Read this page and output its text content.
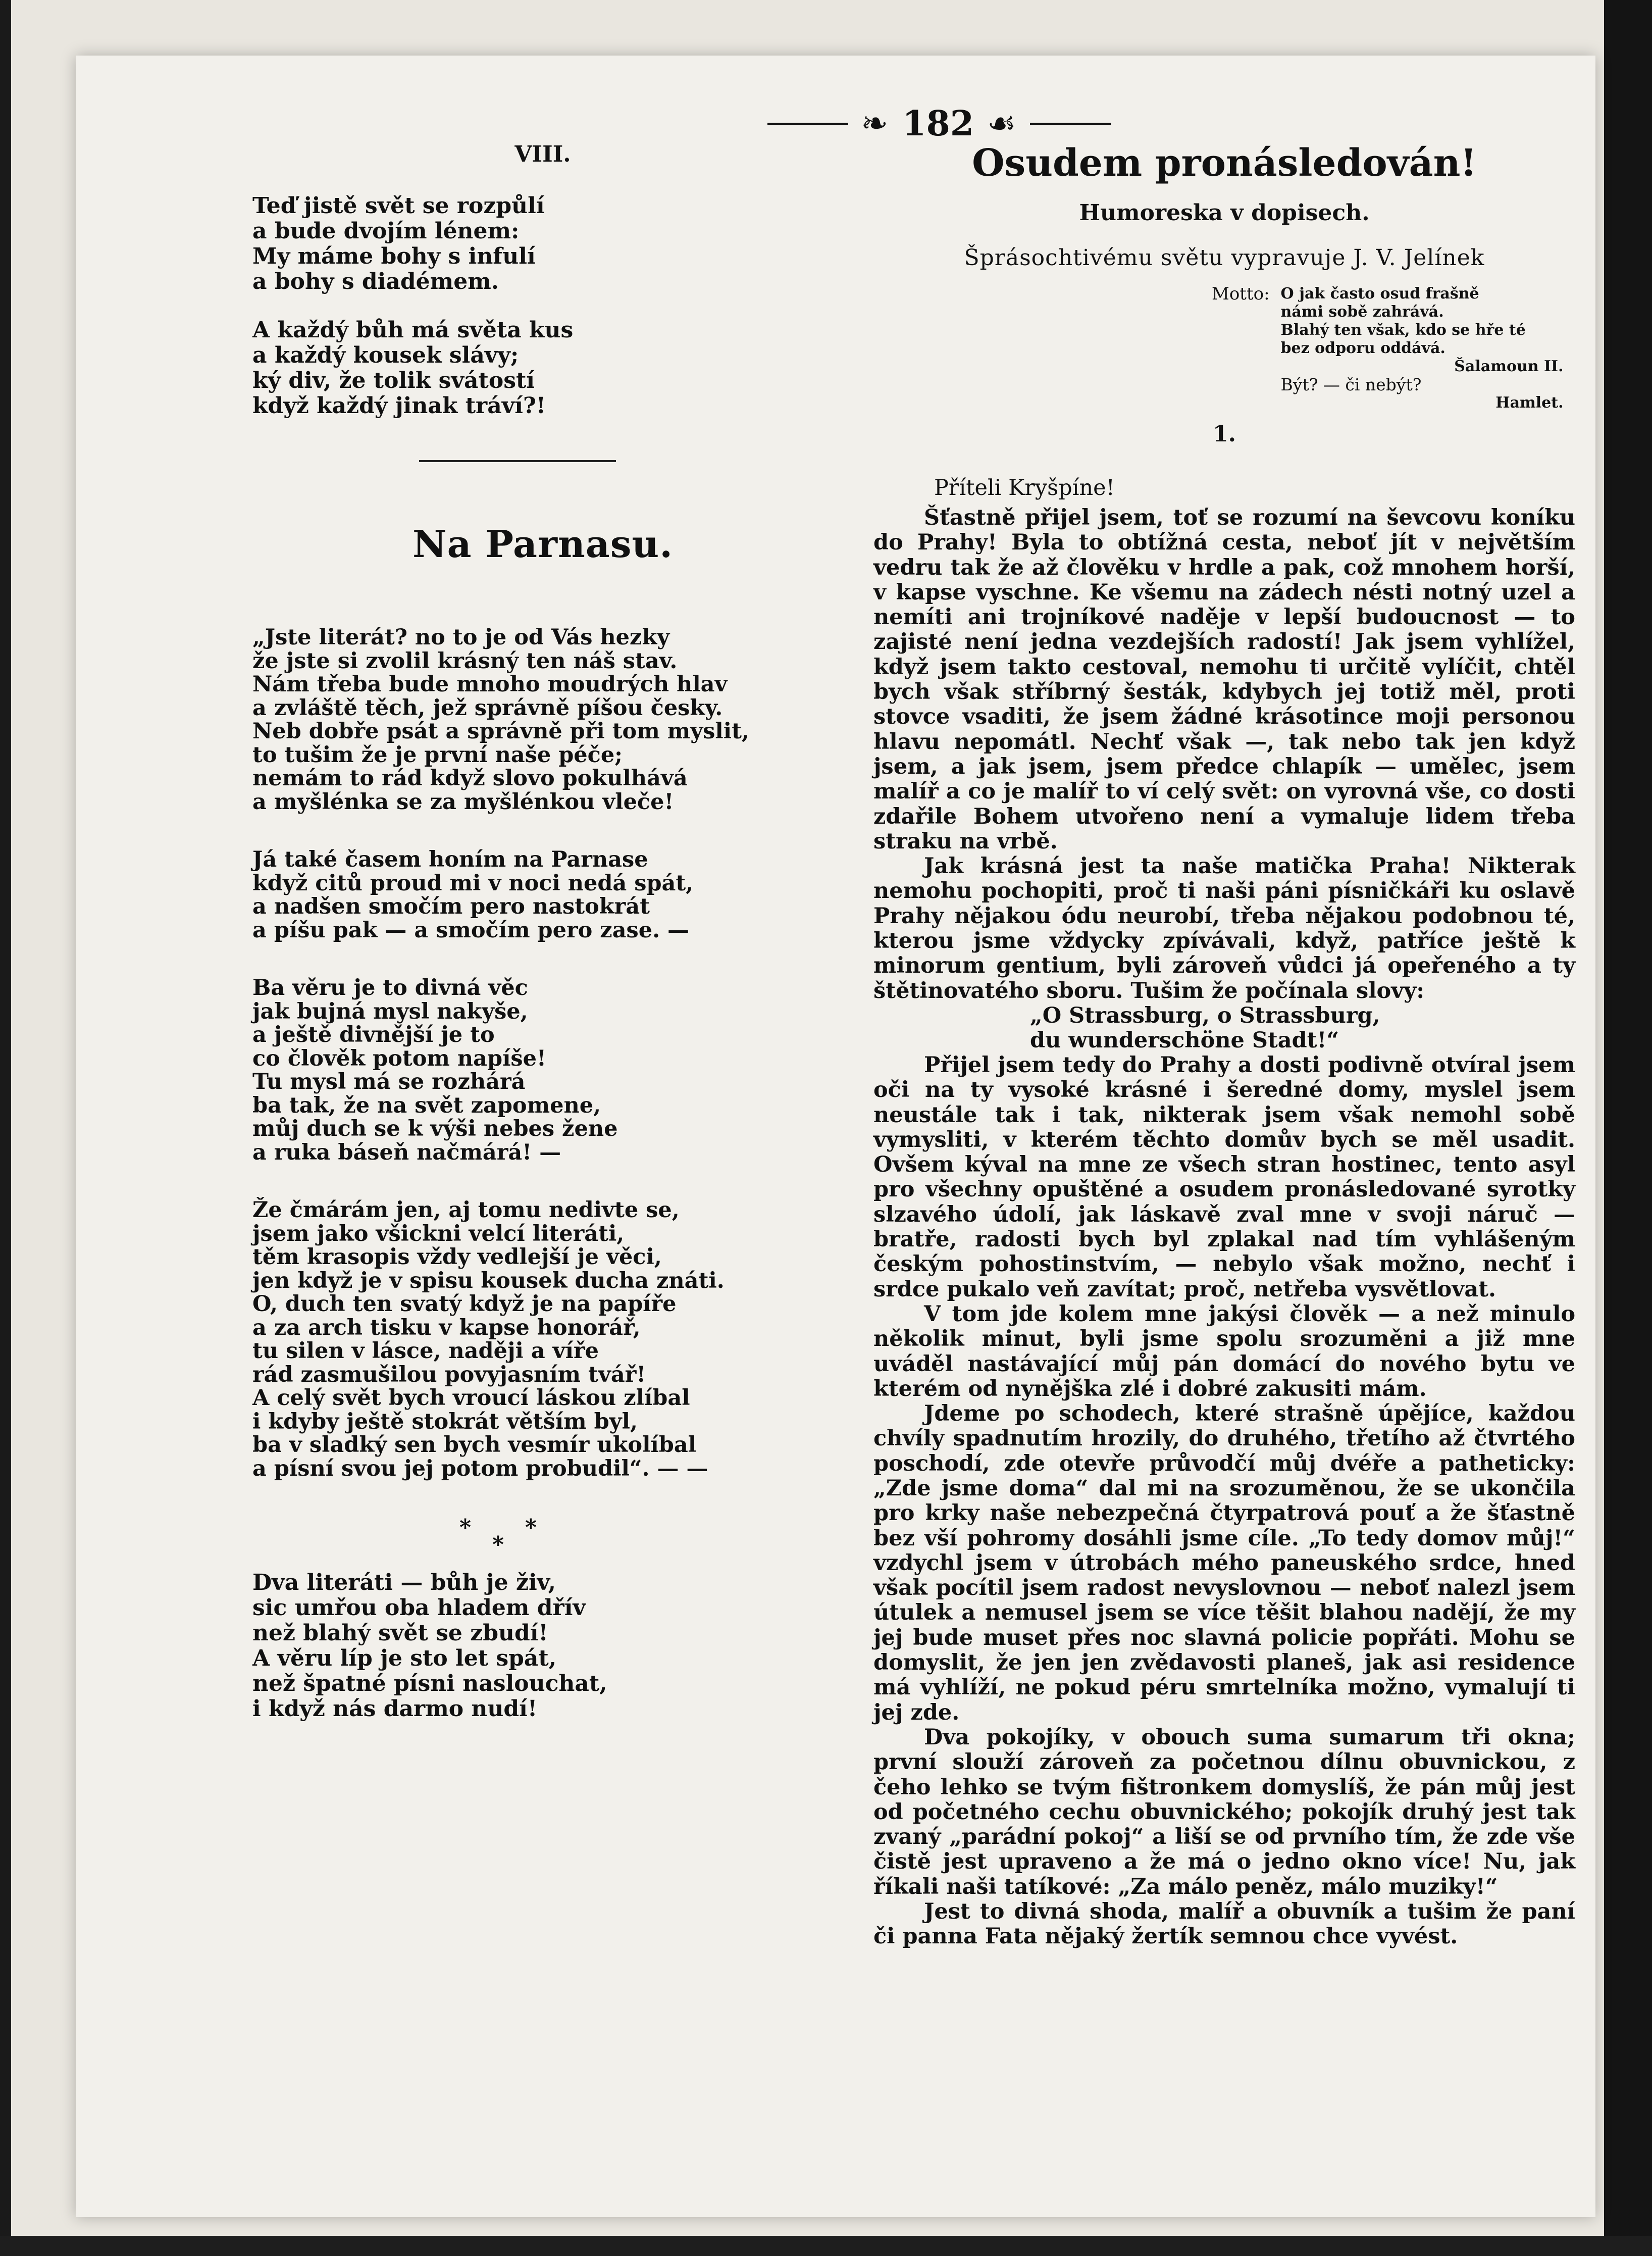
❧ 182 ☙
VIII.
Teď jistě svět se rozpůlí
a bude dvojím lénem:
My máme bohy s infulí
a bohy s diadémem.
A každý bůh má světa kus
a každý kousek slávy;
ký div, že tolik svátostí
když každý jinak tráví?!
Na Parnasu.
„Jste literát? no to je od Vás hezky
že jste si zvolil krásný ten náš stav.
Nám třeba bude mnoho moudrých hlav
a zvláště těch, jež správně píšou česky.
Neb dobře psát a správně při tom myslit,
to tušim že je první naše péče;
nemám to rád když slovo pokulhává
a myšlénka se za myšlénkou vleče!
Já také časem honím na Parnase
když citů proud mi v noci nedá spát,
a nadšen smočím pero nastokrát
a píšu pak — a smočím pero zase. —
Ba věru je to divná věc
jak bujná mysl nakyše,
a ještě divnější je to
co člověk potom napíše!
Tu mysl má se rozhárá
ba tak, že na svět zapomene,
můj duch se k výši nebes žene
a ruka báseň načmárá! —
Že čmárám jen, aj tomu nedivte se,
jsem jako všickni velcí literáti,
těm krasopis vždy vedlejší je věci,
jen když je v spisu kousek ducha znáti.
O, duch ten svatý když je na papíře
a za arch tisku v kapse honorář,
tu silen v lásce, naději a víře
rád zasmušilou povyjasním tvář!
A celý svět bych vroucí láskou zlíbal
i kdyby ještě stokrát větším byl,
ba v sladký sen bych vesmír ukolíbal
a písní svou jej potom probudil“. — —
* *
*
Dva literáti — bůh je živ,
sic umřou oba hladem dřív
než blahý svět se zbudí!
A věru líp je sto let spát,
než špatné písni naslouchat,
i když nás darmo nudí!
Osudem pronásledován!
Humoreska v dopisech.
Šprásochtivému světu vypravuje J. V. Jelínek
Motto: O jak často osud frašně
námi sobě zahrává.
Blahý ten však, kdo se hře té
bez odporu oddává.
Šalamoun II.
Být? — či nebýt?
Hamlet.
1.
Příteli Kryšpíne!

Šťastně přijel jsem, toť se rozumí na ševcovu koníku do Prahy! Byla to obtížná cesta, neboť jít v největším vedru tak že až člověku v hrdle a pak, což mnohem horší, v kapse vyschne. Ke všemu na zádech nésti notný uzel a nemíti ani trojníkové naděje v lepší budoucnost — to zajisté není jedna vezdejších radostí! Jak jsem vyhlížel, když jsem takto cestoval, nemohu ti určitě vylíčit, chtěl bych však stříbrný šesták, kdybych jej totiž měl, proti stovce vsaditi, že jsem žádné krásotince moji personou hlavu nepomátl. Nechť však —, tak nebo tak jen když jsem, a jak jsem, jsem předce chlapík — umělec, jsem malíř a co je malíř to ví celý svět: on vyrovná vše, co dosti zdařile Bohem utvořeno není a vymaluje lidem třeba straku na vrbě.

Jak krásná jest ta naše matička Praha! Nikterak nemohu pochopiti, proč ti naši páni písničkáři ku oslavě Prahy nějakou ódu neurobí, třeba nějakou podobnou té, kterou jsme vždycky zpívávali, když, patříce ještě k minorum gentium, byli zároveň vůdci já opeřeného a ty štětinovatého sboru. Tušim že počínala slovy:

„O Strassburg, o Strassburg,
du wunderschöne Stadt!“

Přijel jsem tedy do Prahy a dosti podivně otvíral jsem oči na ty vysoké krásné i šeredné domy, myslel jsem neustále tak i tak, nikterak jsem však nemohl sobě vymysliti, v kterém těchto domův bych se měl usadit. Ovšem kýval na mne ze všech stran hostinec, tento asyl pro všechny opuštěné a osudem pronásledované syrotky slzavého údolí, jak láskavě zval mne v svoji náruč — bratře, radosti bych byl zplakal nad tím vyhlášeným českým pohostinstvím, — nebylo však možno, nechť i srdce pukalo veň zavítat; proč, netřeba vysvětlovat.

V tom jde kolem mne jakýsi člověk — a než minulo několik minut, byli jsme spolu srozuměni a již mne uváděl nastávající můj pán domácí do nového bytu ve kterém od nynějška zlé i dobré zakusiti mám.

Jdeme po schodech, které strašně úpějíce, každou chvíly spadnutím hrozily, do druhého, třetího až čtvrtého poschodí, zde otevře průvodčí můj dvéře a patheticky: „Zde jsme doma“ dal mi na srozuměnou, že se ukončila pro krky naše nebezpečná čtyrpatrová pouť a že šťastně bez vší pohromy dosáhli jsme cíle. „To tedy domov můj!“ vzdychl jsem v útrobách mého paneuského srdce, hned však pocítil jsem radost nevyslovnou — neboť nalezl jsem útulek a nemusel jsem se více těšit blahou nadějí, že my jej bude muset přes noc slavná policie popřáti. Mohu se domyslit, že jen jen zvědavosti planeš, jak asi residence má vyhlíží, ne pokud péru smrtelníka možno, vymalují ti jej zde.

Dva pokojíky, v obouch suma sumarum tři okna; první slouží zároveň za početnou dílnu obuvnickou, z čeho lehko se tvým fištronkem domyslíš, že pán můj jest od početného cechu obuvnického; pokojík druhý jest tak zvaný „parádní pokoj“ a liší se od prvního tím, že zde vše čistě jest upraveno a že má o jedno okno více! Nu, jak říkali naši tatíkové: „Za málo peněz, málo muziky!“

Jest to divná shoda, malíř a obuvník a tušim že paní či panna Fata nějaký žertík semnou chce vyvést.
